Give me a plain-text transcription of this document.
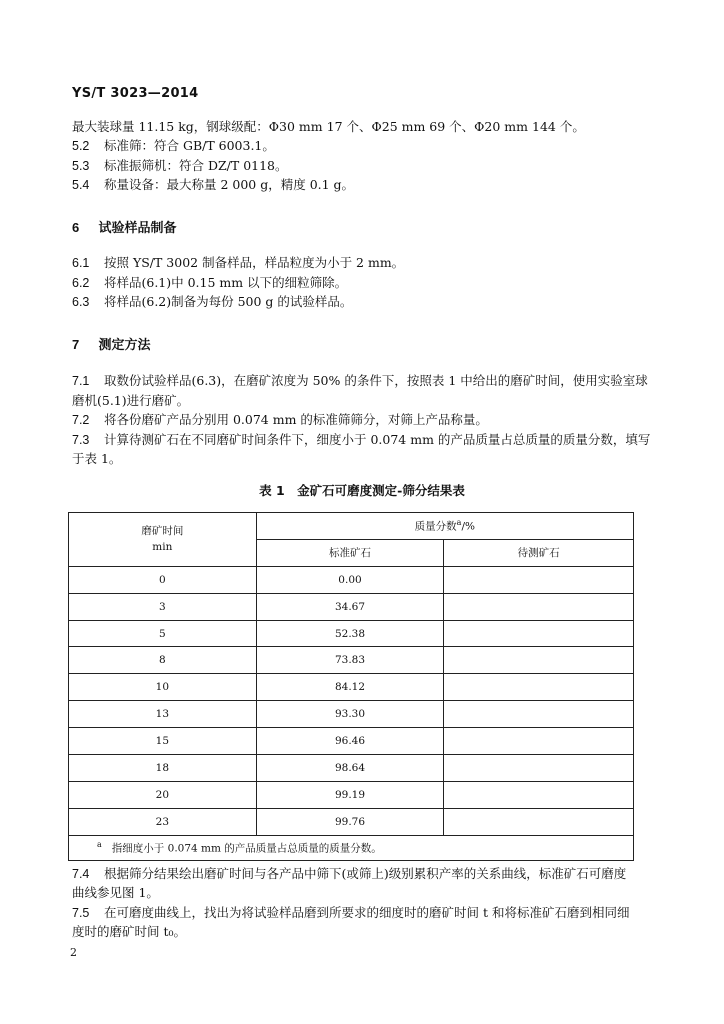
YS/T 3023—2014
最大装球量 11.15 kg，钢球级配：Φ30 mm 17 个、Φ25 mm 69 个、Φ20 mm 144 个。
5.2 标准筛：符合 GB/T 6003.1。
5.3 标准振筛机：符合 DZ/T 0118。
5.4 称量设备：最大称量 2 000 g，精度 0.1 g。
6 试验样品制备
6.1 按照 YS/T 3002 制备样品，样品粒度为小于 2 mm。
6.2 将样品(6.1)中 0.15 mm 以下的细粒筛除。
6.3 将样品(6.2)制备为每份 500 g 的试验样品。
7 测定方法
7.1 取数份试验样品(6.3)，在磨矿浓度为 50% 的条件下，按照表 1 中给出的磨矿时间，使用实验室球
磨机(5.1)进行磨矿。
7.2 将各份磨矿产品分别用 0.074 mm 的标准筛筛分，对筛上产品称量。
7.3 计算待测矿石在不同磨矿时间条件下，细度小于 0.074 mm 的产品质量占总质量的质量分数，填写
于表 1。
表 1　金矿石可磨度测定-筛分结果表
磨矿时间
min	质量分数$^a$/%	
	标准矿石	待测矿石
0	0.00	
3	34.67	
5	52.38	
8	73.83	
10	84.12	
13	93.30	
15	96.46	
18	98.64	
20	99.19	
23	99.76	
$^a$ 指细度小于 0.074 mm 的产品质量占总质量的质量分数。		
7.4 根据筛分结果绘出磨矿时间与各产品中筛下(或筛上)级别累积产率的关系曲线，标准矿石可磨度
曲线参见图 1。
7.5 在可磨度曲线上，找出为将试验样品磨到所要求的细度时的磨矿时间 t 和将标准矿石磨到相同细
度时的磨矿时间 t₀。
2
